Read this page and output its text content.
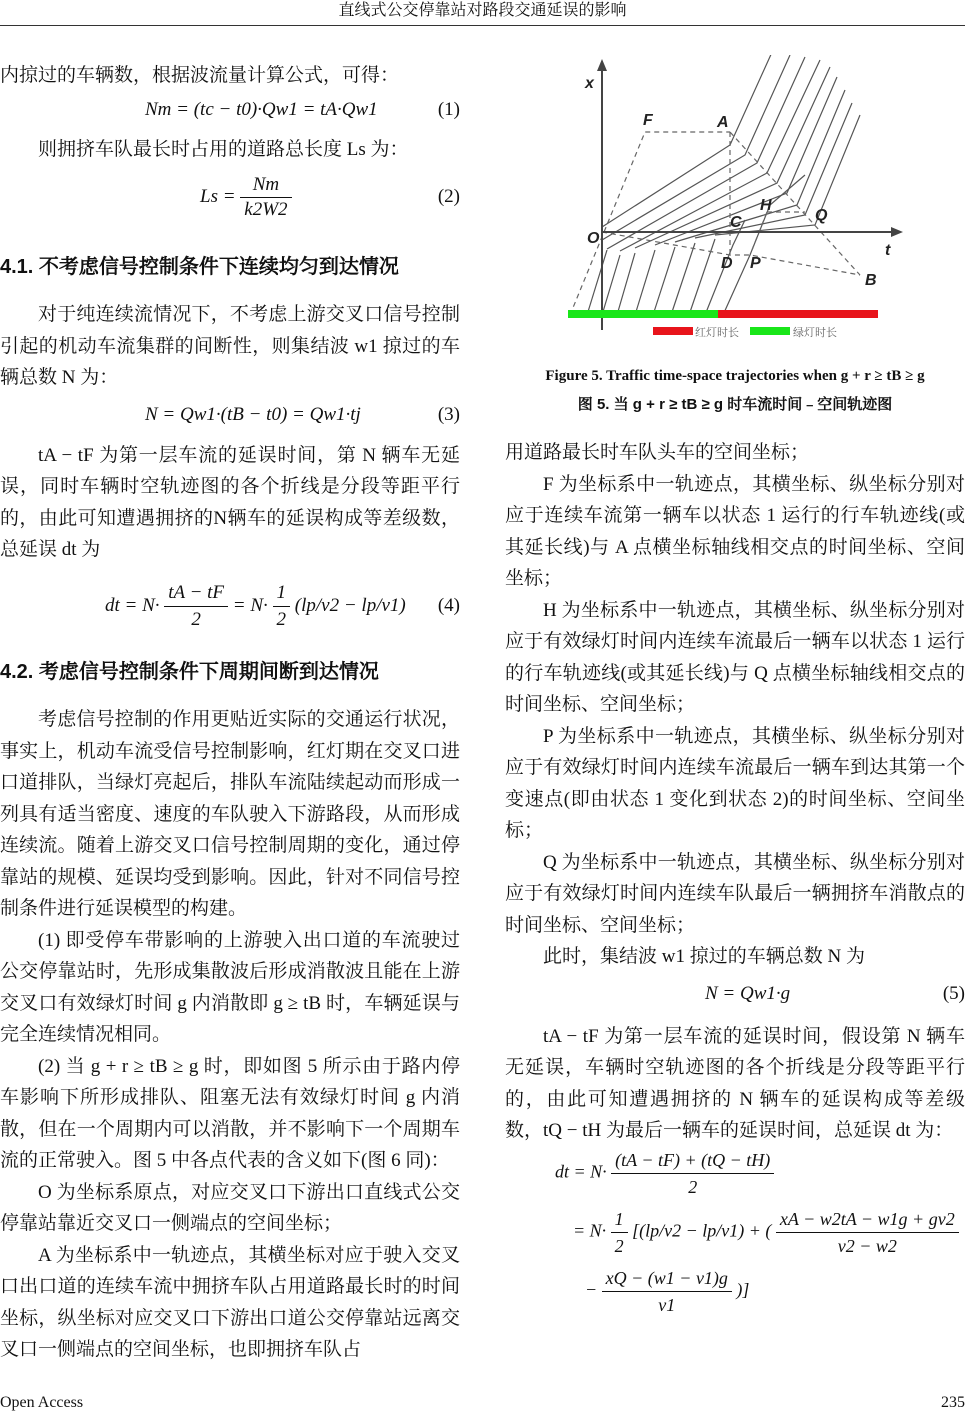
直线式公交停靠站对路段交通延误的影响

内掠过的车辆数，根据波流量计算公式，可得：

Nm = (tc − t0)·Qw1 = tA·Qw1	(1)

则拥挤车队最长时占用的道路总长度 Ls 为：

$Ls = \frac{Nm}{k2W2}$	(2)

4.1. 不考虑信号控制条件下连续均匀到达情况

对于纯连续流情况下，不考虑上游交叉口信号控制引起的机动车流集群的间断性，则集结波 w1 掠过的车辆总数 N 为：

N = Qw1·(tB − t0) = Qw1·tj	(3)

tA − tF 为第一层车流的延误时间，第 N 辆车无延误，同时车辆时空轨迹图的各个折线是分段等距平行的，由此可知遭遇拥挤的N辆车的延误构成等差级数，总延误 dt 为

dt = $N\cdot \frac{tA - tF}{2} = N\cdot \frac{1}{2} (lp/v2 - lp/v1)$ (4)

4.2. 考虑信号控制条件下周期间断到达情况

考虑信号控制的作用更贴近实际的交通运行状况，事实上，机动车流受信号控制影响，红灯期在交叉口进口道排队，当绿灯亮起后，排队车流陆续起动而形成一列具有适当密度、速度的车队驶入下游路段，从而形成连续流。随着上游交叉口信号控制周期的变化，通过停靠站的规模、延误均受到影响。因此，针对不同信号控制条件进行延误模型的构建。

(1) 即受停车带影响的上游驶入出口道的车流驶过公交停靠站时，先形成集散波后形成消散波且能在上游交叉口有效绿灯时间 g 内消散即 g ≥ tB 时，车辆延误与完全连续情况相同。

(2) 当 g + r ≥ tB ≥ g 时，即如图 5 所示由于路内停车影响下所形成排队、阻塞无法有效绿灯时间 g 内消散，但在一个周期内可以消散，并不影响下一个周期车流的正常驶入。图 5 中各点代表的含义如下(图 6 同)：

O 为坐标系原点，对应交叉口下游出口直线式公交停靠站靠近交叉口一侧端点的空间坐标；

A 为坐标系中一轨迹点，其横坐标对应于驶入交叉口出口道的连续车流中拥挤车队占用道路最长时的时间坐标，纵坐标对应交叉口下游出口道公交停靠站远离交叉口一侧端点的空间坐标，也即拥挤车队占

x
t
F	A
O
C
H
Q
D P
B
红灯时长	绿灯时长
Figure 5. Traffic time-space trajectories when g + r ≥ tB ≥ g
图 5. 当 g + r ≥ tB ≥ g 时车流时间﹣空间轨迹图

用道路最长时车队头车的空间坐标；

F 为坐标系中一轨迹点，其横坐标、纵坐标分别对应于连续车流第一辆车以状态 1 运行的行车轨迹线(或其延长线)与 A 点横坐标轴线相交点的时间坐标、空间坐标；

H 为坐标系中一轨迹点，其横坐标、纵坐标分别对应于有效绿灯时间内连续车流最后一辆车以状态 1 运行的行车轨迹线(或其延长线)与 Q 点横坐标轴线相交点的时间坐标、空间坐标；

P 为坐标系中一轨迹点，其横坐标、纵坐标分别对应于有效绿灯时间内连续车流最后一辆车到达其第一个变速点(即由状态 1 变化到状态 2)的时间坐标、空间坐标；

Q 为坐标系中一轨迹点，其横坐标、纵坐标分别对应于有效绿灯时间内连续车队最后一辆拥挤车消散点的时间坐标、空间坐标；

此时，集结波 w1 掠过的车辆总数 N 为

N = Qw1·g	(5)

tA − tF 为第一层车流的延误时间，假设第 N 辆车无延误，车辆时空轨迹图的各个折线是分段等距平行的，由此可知遭遇拥挤的 N 辆车的延误构成等差级数，tQ − tH 为最后一辆车的延误时间，总延误 dt 为：

dt = $N\cdot \frac{(tA - tF) + (tQ - tH)}{2}$
= $N\cdot \frac{1}{2} [(lp/v2 - lp/v1)$ + ( $\frac{xA - w2tA - w1g + gv2}{v2 - w2}$
− $\frac{xQ - (w1 - v1)g}{v1}$ )]
Open Access	235
